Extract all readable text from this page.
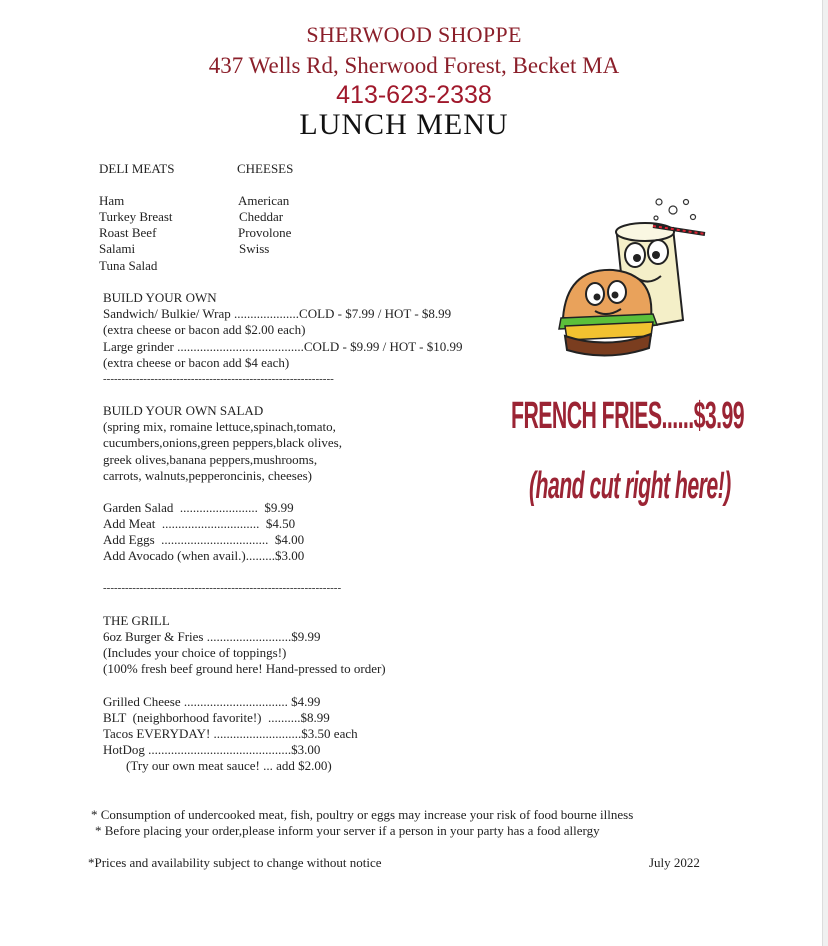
SHERWOOD SHOPPE
437 Wells Rd, Sherwood Forest, Becket MA
413-623-2338
LUNCH MENU
DELI MEATS
Ham
Turkey Breast
Roast Beef
Salami
Tuna Salad
CHEESES
American
Cheddar
Provolone
Swiss
BUILD YOUR OWN
Sandwich/ Bulkie/ Wrap ....................COLD - $7.99 / HOT - $8.99
(extra cheese or bacon add $2.00 each)
Large grinder .......................................COLD - $9.99 / HOT - $10.99
(extra cheese or bacon add $4 each)
---------------------------------------------------------------
BUILD YOUR OWN SALAD
(spring mix, romaine lettuce,spinach,tomato,
cucumbers,onions,green peppers,black olives,
greek olives,banana peppers,mushrooms,
carrots, walnuts,pepperoncinis, cheeses)
Garden Salad  ........................  $9.99
Add Meat  ..............................  $4.50
Add Eggs  .................................  $4.00
Add Avocado (when avail.).........$3.00
-----------------------------------------------------------------
THE GRILL
6oz Burger & Fries ..........................$9.99
(Includes your choice of toppings!)
(100% fresh beef ground here! Hand-pressed to order)
Grilled Cheese ................................ $4.99
BLT  (neighborhood favorite!)  ..........$8.99
Tacos EVERYDAY! ...........................$3.50 each
HotDog ............................................$3.00
(Try our own meat sauce! ... add $2.00)
* Consumption of undercooked meat, fish, poultry or eggs may increase your risk of food bourne illness
* Before placing your order,please inform your server if a person in your party has a food allergy
*Prices and availability subject to change without notice	July 2022
FRENCH FRIES......$3.99
(hand cut right here!)
